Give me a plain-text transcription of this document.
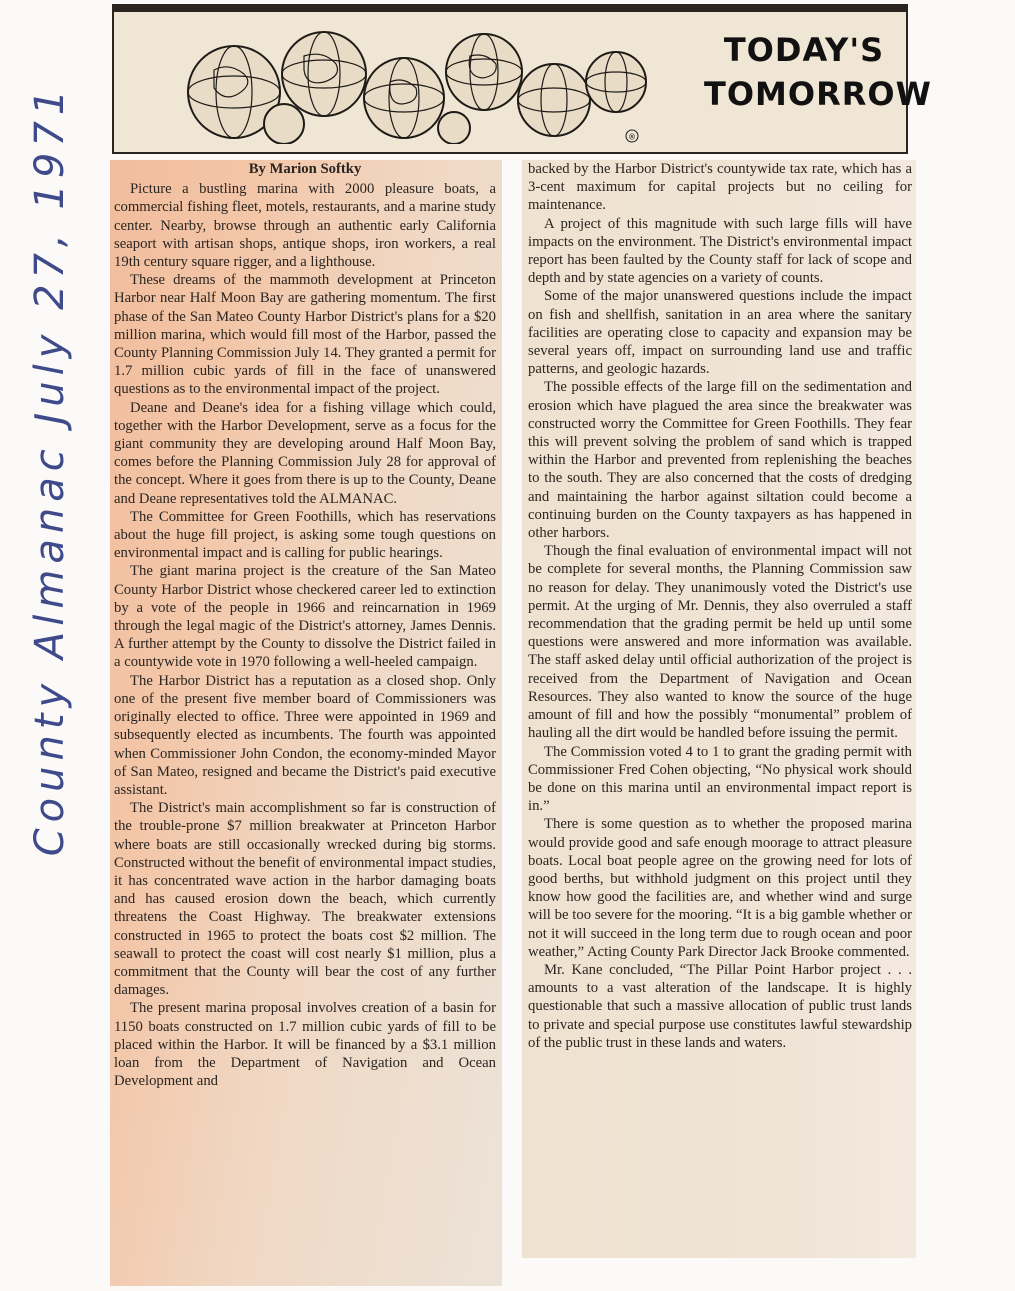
County Almanac July 27, 1971	®
TODAY'S
TOMORROW
By Marion Softky

Picture a bustling marina with 2000 pleasure boats, a commercial fishing fleet, motels, restaurants, and a marine study center. Nearby, browse through an authentic early California seaport with artisan shops, antique shops, iron workers, a real 19th century square rigger, and a lighthouse.

These dreams of the mammoth development at Princeton Harbor near Half Moon Bay are gathering momentum. The first phase of the San Mateo County Harbor District's plans for a $20 million marina, which would fill most of the Harbor, passed the County Planning Commission July 14. They granted a permit for 1.7 million cubic yards of fill in the face of unanswered questions as to the environmental impact of the project.

Deane and Deane's idea for a fishing village which could, together with the Harbor Development, serve as a focus for the giant community they are developing around Half Moon Bay, comes before the Planning Commission July 28 for approval of the concept. Where it goes from there is up to the County, Deane and Deane representatives told the ALMANAC.

The Committee for Green Foothills, which has reservations about the huge fill project, is asking some tough questions on environmental impact and is calling for public hearings.

The giant marina project is the creature of the San Mateo County Harbor District whose checkered career led to extinction by a vote of the people in 1966 and reincarnation in 1969 through the legal magic of the District's attorney, James Dennis. A further attempt by the County to dissolve the District failed in a countywide vote in 1970 following a well-heeled campaign.

The Harbor District has a reputation as a closed shop. Only one of the present five member board of Commissioners was originally elected to office. Three were appointed in 1969 and subsequently elected as incumbents. The fourth was appointed when Commissioner John Condon, the economy-minded Mayor of San Mateo, resigned and became the District's paid executive assistant.

The District's main accomplishment so far is construction of the trouble-prone $7 million breakwater at Princeton Harbor where boats are still occasionally wrecked during big storms. Constructed without the benefit of environmental impact studies, it has concentrated wave action in the harbor damaging boats and has caused erosion down the beach, which currently threatens the Coast Highway. The breakwater extensions constructed in 1965 to protect the boats cost $2 million. The seawall to protect the coast will cost nearly $1 million, plus a commitment that the County will bear the cost of any further damages.

The present marina proposal involves creation of a basin for 1150 boats constructed on 1.7 million cubic yards of fill to be placed within the Harbor. It will be financed by a $3.1 million loan from the Department of Navigation and Ocean Development and

backed by the Harbor District's countywide tax rate, which has a 3-cent maximum for capital projects but no ceiling for maintenance.

A project of this magnitude with such large fills will have impacts on the environment. The District's environmental impact report has been faulted by the County staff for lack of scope and depth and by state agencies on a variety of counts.

Some of the major unanswered questions include the impact on fish and shellfish, sanitation in an area where the sanitary facilities are operating close to capacity and expansion may be several years off, impact on surrounding land use and traffic patterns, and geologic hazards.

The possible effects of the large fill on the sedimentation and erosion which have plagued the area since the breakwater was constructed worry the Committee for Green Foothills. They fear this will prevent solving the problem of sand which is trapped within the Harbor and prevented from replenishing the beaches to the south. They are also concerned that the costs of dredging and maintaining the harbor against siltation could become a continuing burden on the County taxpayers as has happened in other harbors.

Though the final evaluation of environmental impact will not be complete for several months, the Planning Commission saw no reason for delay. They unanimously voted the District's use permit. At the urging of Mr. Dennis, they also overruled a staff recommendation that the grading permit be held up until some questions were answered and more information was available. The staff asked delay until official authorization of the project is received from the Department of Navigation and Ocean Resources. They also wanted to know the source of the huge amount of fill and how the possibly “monumental” problem of hauling all the dirt would be handled before issuing the permit.

The Commission voted 4 to 1 to grant the grading permit with Commissioner Fred Cohen objecting, “No physical work should be done on this marina until an environmental impact report is in.”

There is some question as to whether the proposed marina would provide good and safe enough moorage to attract pleasure boats. Local boat people agree on the growing need for lots of good berths, but withhold judgment on this project until they know how good the facilities are, and whether wind and surge will be too severe for the mooring. “It is a big gamble whether or not it will succeed in the long term due to rough ocean and poor weather,” Acting County Park Director Jack Brooke commented.

Mr. Kane concluded, “The Pillar Point Harbor project . . . amounts to a vast alteration of the landscape. It is highly questionable that such a massive allocation of public trust lands to private and special purpose use constitutes lawful stewardship of the public trust in these lands and waters.
